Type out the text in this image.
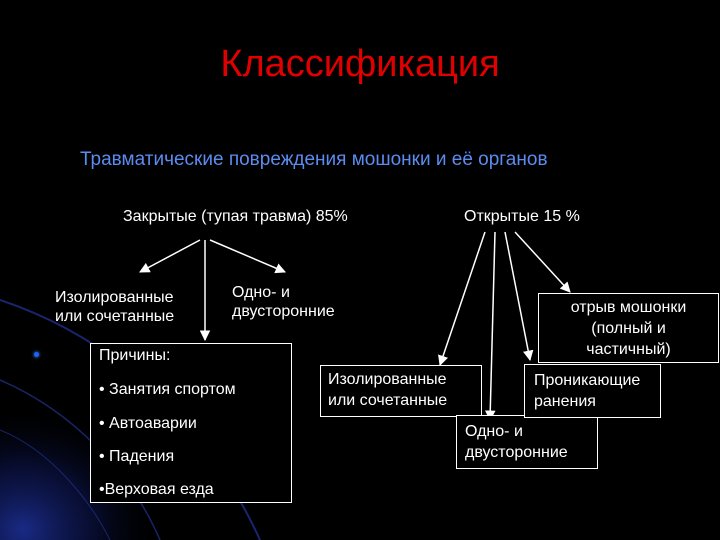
Классификация
Травматические повреждения мошонки и её органов
Закрытые (тупая травма) 85%
Изолированные
или сочетанные
Одно- и
двусторонние
Причины:
• Занятия спортом
• Автоаварии
• Падения
•Верховая езда
Открытые 15 %
отрыв мошонки
(полный и
частичный)
Изолированные
или сочетанные
Одно- и
двусторонние
Проникающие
ранения
